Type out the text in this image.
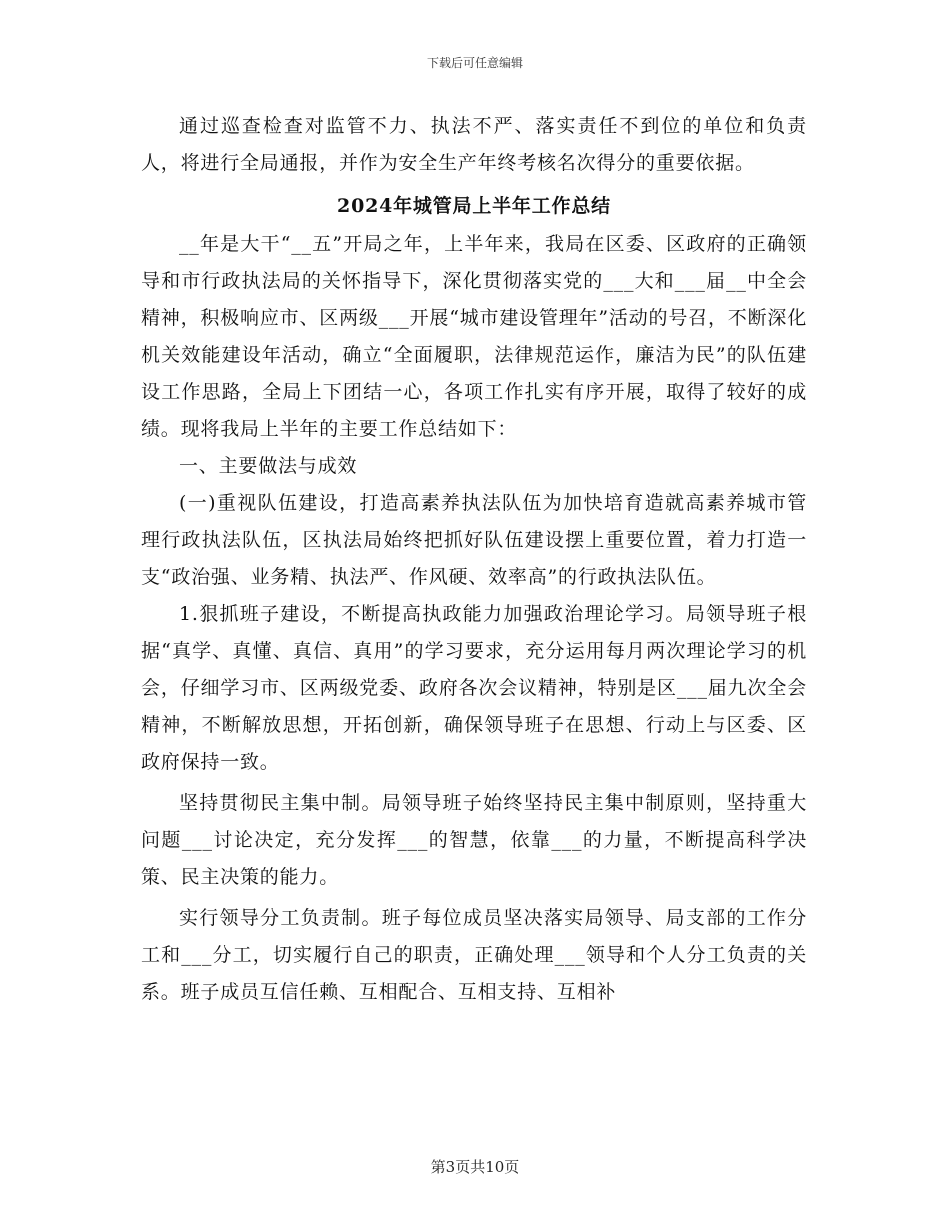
下载后可任意编辑

通过巡查检查对监管不力、执法不严、落实责任不到位的单位和负责人，将进行全局通报，并作为安全生产年终考核名次得分的重要依据。

2024年城管局上半年工作总结

__年是大干“__五”开局之年，上半年来，我局在区委、区政府的正确领导和市行政执法局的关怀指导下，深化贯彻落实党的___大和___届__中全会精神，积极响应市、区两级___开展“城市建设管理年”活动的号召，不断深化机关效能建设年活动，确立“全面履职，法律规范运作，廉洁为民”的队伍建设工作思路，全局上下团结一心，各项工作扎实有序开展，取得了较好的成绩。现将我局上半年的主要工作总结如下：

一、主要做法与成效

(一)重视队伍建设，打造高素养执法队伍为加快培育造就高素养城市管理行政执法队伍，区执法局始终把抓好队伍建设摆上重要位置，着力打造一支“政治强、业务精、执法严、作风硬、效率高”的行政执法队伍。

1.狠抓班子建设，不断提高执政能力加强政治理论学习。局领导班子根据“真学、真懂、真信、真用”的学习要求，充分运用每月两次理论学习的机会，仔细学习市、区两级党委、政府各次会议精神，特别是区___届九次全会精神，不断解放思想，开拓创新，确保领导班子在思想、行动上与区委、区政府保持一致。

坚持贯彻民主集中制。局领导班子始终坚持民主集中制原则，坚持重大问题___讨论决定，充分发挥___的智慧，依靠___的力量，不断提高科学决策、民主决策的能力。

实行领导分工负责制。班子每位成员坚决落实局领导、局支部的工作分工和___分工，切实履行自己的职责，正确处理___领导和个人分工负责的关系。班子成员互信任赖、互相配合、互相支持、互相补

第3页共10页
